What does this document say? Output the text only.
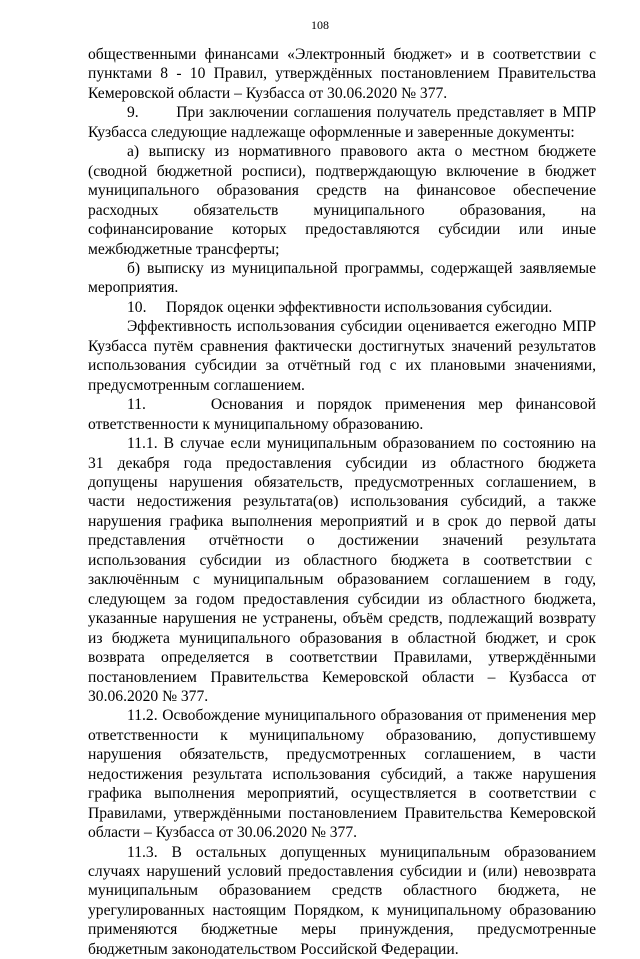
108

общественными финансами «Электронный бюджет» и в соответствии с пунктами 8 - 10 Правил, утверждённых постановлением Правительства Кемеровской области – Кузбасса от 30.06.2020 № 377.

9.       При заключении соглашения получатель представляет в МПР Кузбасса следующие надлежаще оформленные и заверенные документы:

а) выписку из нормативного правового акта о местном бюджете (сводной бюджетной росписи), подтверждающую включение в бюджет муниципального образования средств на финансовое обеспечение расходных обязательств муниципального образования, на софинансирование которых предоставляются субсидии или иные межбюджетные трансферты;

б) выписку из муниципальной программы, содержащей заявляемые мероприятия.

10.     Порядок оценки эффективности использования субсидии.

Эффективность использования субсидии оценивается ежегодно МПР Кузбасса путём сравнения фактически достигнутых значений результатов использования субсидии за отчётный год с их плановыми значениями, предусмотренным соглашением.

11.     Основания и порядок применения мер финансовой ответственности к муниципальному образованию.

11.1. В случае если муниципальным образованием по состоянию на 31 декабря года предоставления субсидии из областного бюджета допущены нарушения обязательств, предусмотренных соглашением, в части недостижения результата(ов) использования субсидий, а также нарушения графика выполнения мероприятий и в срок до первой даты представления отчётности о достижении значений результата использования субсидии из областного бюджета в соответствии с  заключённым с муниципальным образованием соглашением в году, следующем за годом предоставления субсидии из областного бюджета, указанные нарушения не устранены, объём средств, подлежащий возврату из бюджета муниципального образования в областной бюджет, и срок возврата определяется в соответствии Правилами, утверждёнными постановлением Правительства Кемеровской области – Кузбасса от 30.06.2020 № 377.

11.2. Освобождение муниципального образования от применения мер ответственности к муниципальному образованию, допустившему нарушения обязательств, предусмотренных соглашением, в части недостижения результата использования субсидий, а также нарушения графика выполнения мероприятий, осуществляется в соответствии с Правилами, утверждёнными постановлением Правительства Кемеровской области – Кузбасса от 30.06.2020 № 377.

11.3. В остальных допущенных муниципальным образованием случаях нарушений условий предоставления субсидии и (или) невозврата муниципальным образованием средств областного бюджета, не урегулированных настоящим Порядком, к муниципальному образованию применяются бюджетные меры принуждения, предусмотренные бюджетным законодательством Российской Федерации.
